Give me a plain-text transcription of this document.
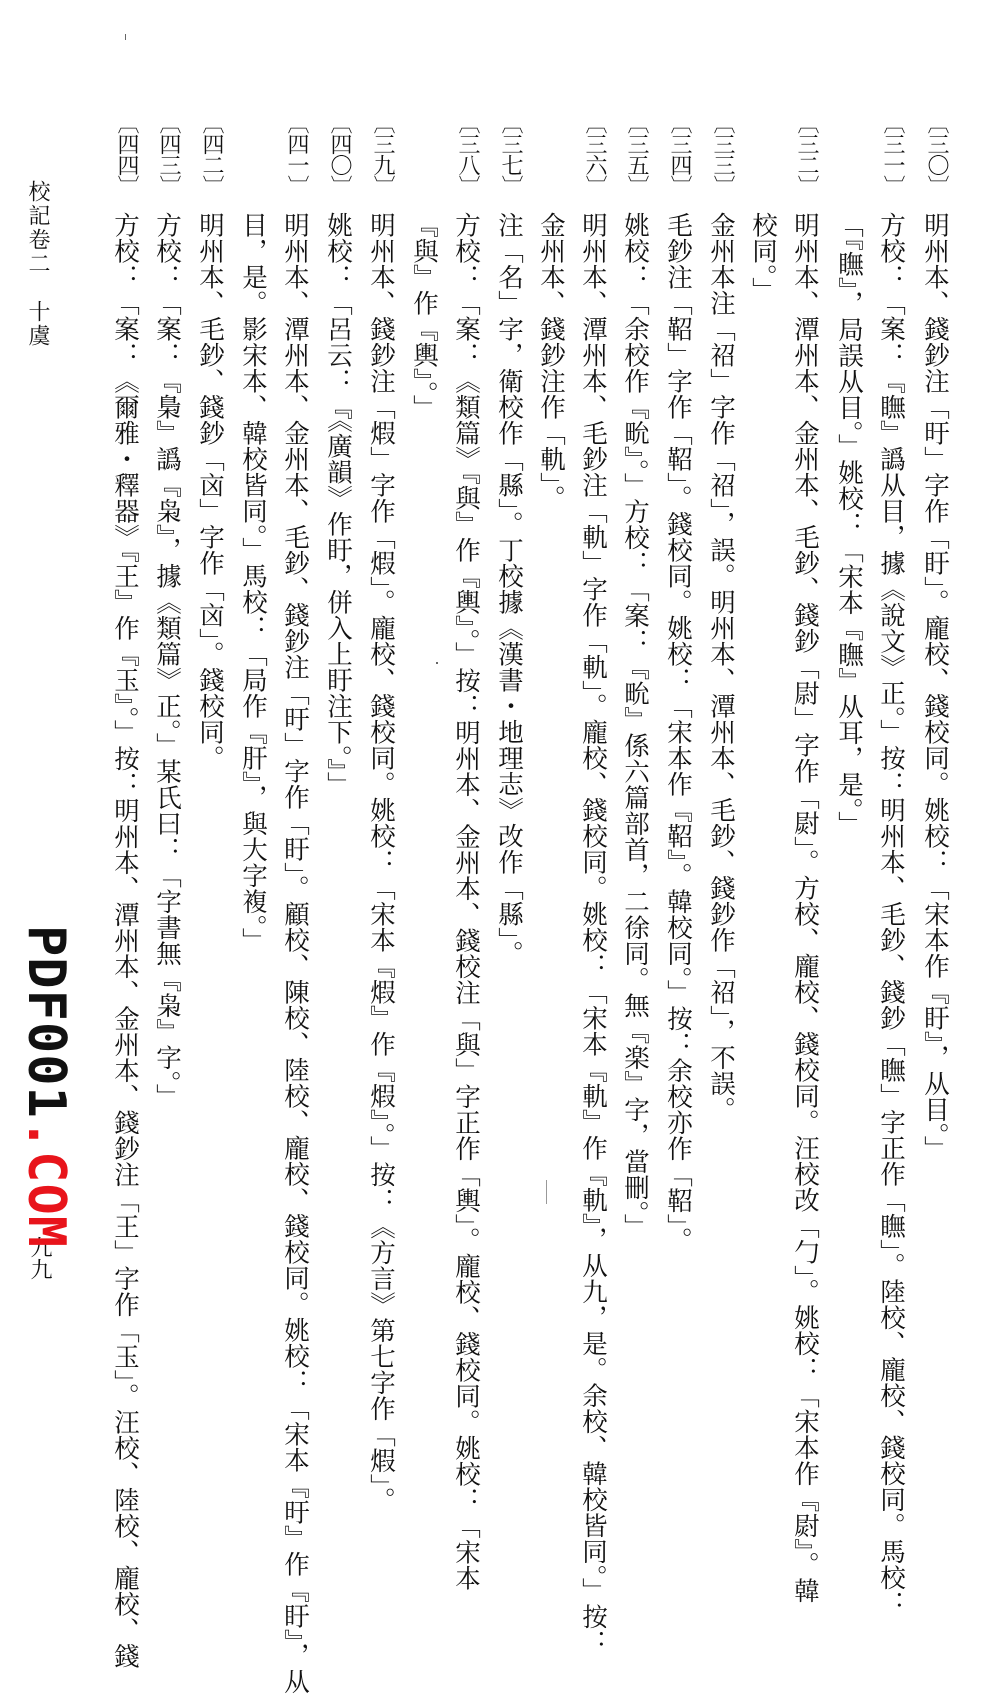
校記卷二　十虞
九九
PDF001.COM
〔三〇〕
明州本、錢鈔注「旴」字作「盱」。龐校、錢校同。姚校：「宋本作『盱』，从目。」
〔三一〕
方校：「案：『瞴』譌从目，據《說文》正。」按：明州本、毛鈔、錢鈔「瞴」字正作「瞴」。陸校、龐校、錢校同。馬校：
「『瞴』，局誤从目。」姚校：「宋本『瞴』从耳，是。」
〔三二〕
明州本、潭州本、金州本、毛鈔、錢鈔「尉」字作「㷉」。方校、龐校、錢校同。汪校改「勹」。姚校：「宋本作『㷉』。韓
校同。」
〔三三〕
金州本注「祒」字作「祒」，誤。明州本、潭州本、毛鈔、錢鈔作「祒」，不誤。
〔三四〕
毛鈔注「鞀」字作「鞀」。錢校同。姚校：「宋本作『鞀』。韓校同。」按：余校亦作「鞀」。
〔三五〕
姚校：「余校作『㽙』。」方校：「案：『㽙』係六篇部首，二徐同。無『楽』字，當刪。」
〔三六〕
明州本、潭州本、毛鈔注「軌」字作「軌」。龐校、錢校同。姚校：「宋本『軌』作『軌』，从九，是。余校、韓校皆同。」按：
金州本、錢鈔注作「軌」。
〔三七〕
注「名」字，衛校作「縣」。丁校據《漢書・地理志》改作「縣」。
〔三八〕
方校：「案：《類篇》『與』作『輿』。」按：明州本、金州本、錢校注「與」字正作「輿」。龐校、錢校同。姚校：「宋本
『與』作『輿』。」
〔三九〕
明州本、錢鈔注「煆」字作「煆」。龐校、錢校同。姚校：「宋本『煆』作『煆』。」按：《方言》第七字作「煆」。
〔四〇〕
姚校：「呂云：『《廣韻》作盱，併入上盱注下。』」
〔四一〕
明州本、潭州本、金州本、毛鈔、錢鈔注「旴」字作「盱」。顧校、陳校、陸校、龐校、錢校同。姚校：「宋本『旴』作『盱』，从
目，是。影宋本、韓校皆同。」馬校：「局作『肝』，與大字複。」
〔四二〕
明州本、毛鈔、錢鈔「㐫」字作「㐫」。錢校同。
〔四三〕
方校：「案：『梟』譌『枭』，據《類篇》正。」某氏曰：「字書無『枭』字。」
〔四四〕
方校：「案：《爾雅・釋器》『王』作『玉』。」按：明州本、潭州本、金州本、錢鈔注「王」字作「玉」。汪校、陸校、龐校、錢
